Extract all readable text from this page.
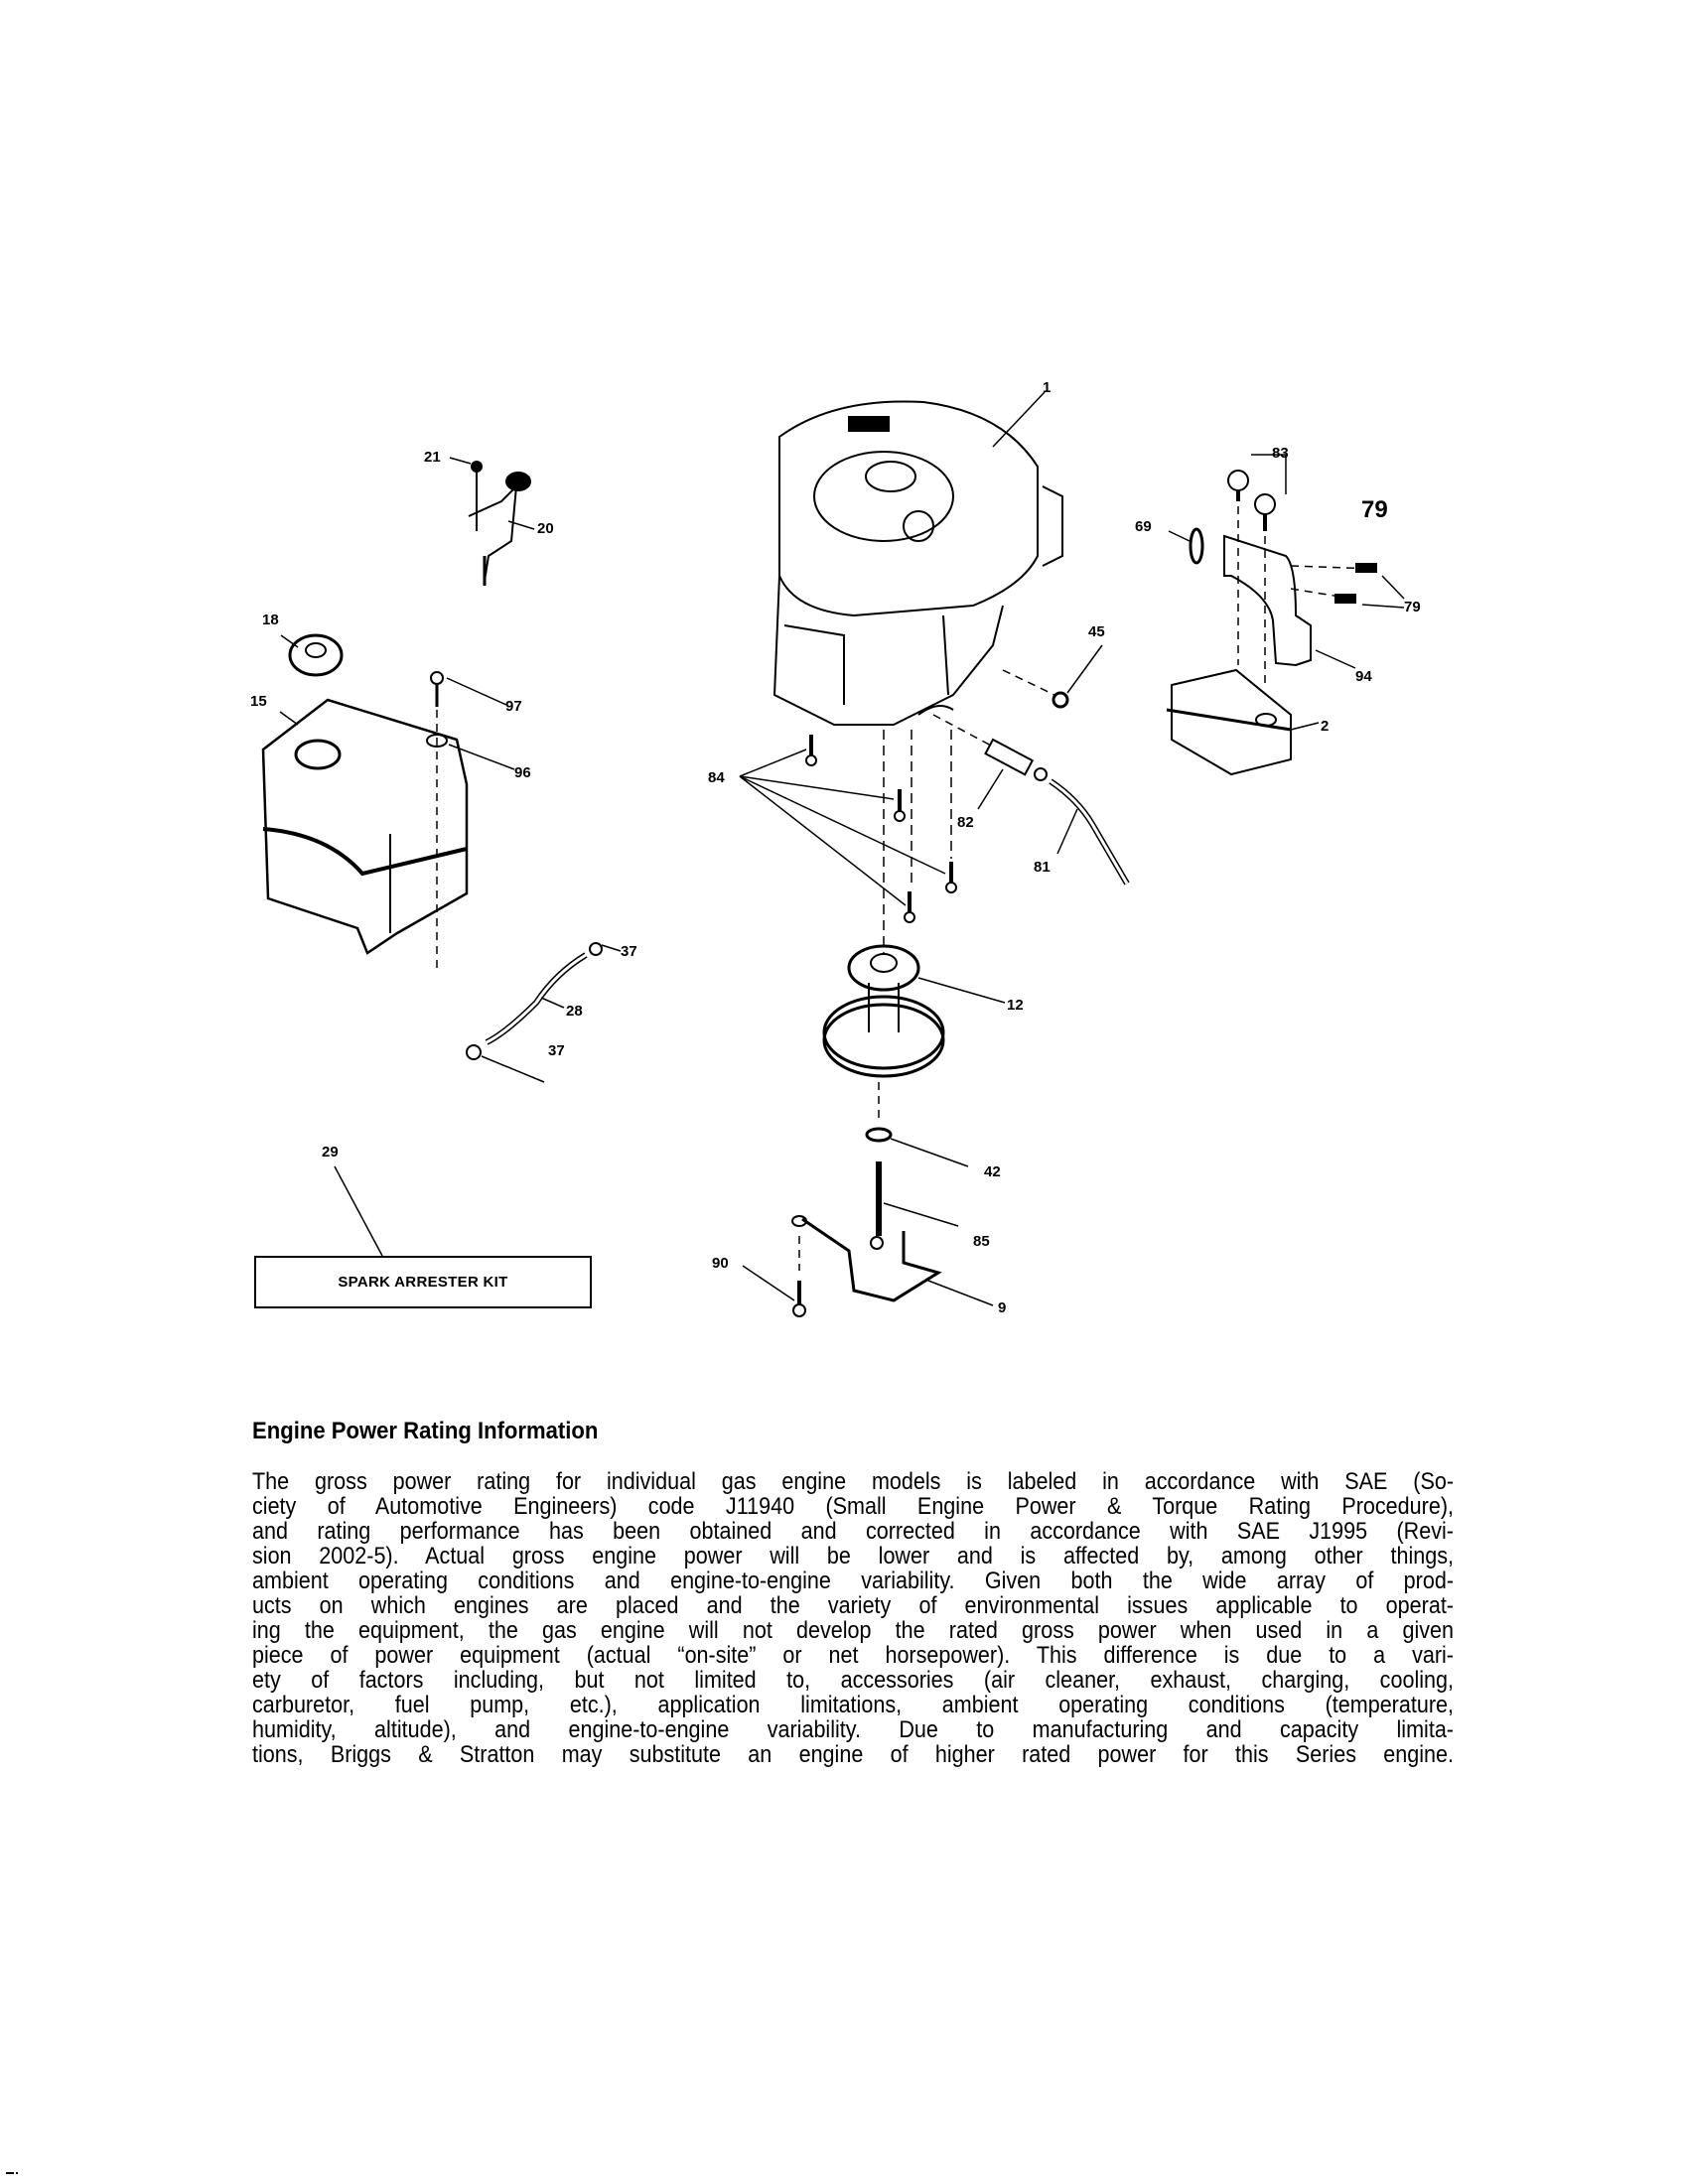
1
21
20
18
15	97
96
83
69
79
94
2
45
84
82
81
37
28
37
12
42
85
9
90
29
79
SPARK ARRESTER KIT
Engine Power Rating Information
The gross power rating for individual gas engine models is labeled in accordance with SAE (So-
ciety of Automotive Engineers) code J11940 (Small Engine Power & Torque Rating Procedure),
and rating performance has been obtained and corrected in accordance with SAE J1995 (Revi-
sion 2002-5). Actual gross engine power will be lower and is affected by, among other things,
ambient operating conditions and engine-to-engine variability. Given both the wide array of prod-
ucts on which engines are placed and the variety of environmental issues applicable to operat-
ing the equipment, the gas engine will not develop the rated gross power when used in a given
piece of power equipment (actual “on-site” or net horsepower). This difference is due to a vari-
ety of factors including, but not limited to, accessories (air cleaner, exhaust, charging, cooling,
carburetor, fuel pump, etc.), application limitations, ambient operating conditions (temperature,
humidity, altitude), and engine-to-engine variability. Due to manufacturing and capacity limita-
tions, Briggs & Stratton may substitute an engine of higher rated power for this Series engine.
